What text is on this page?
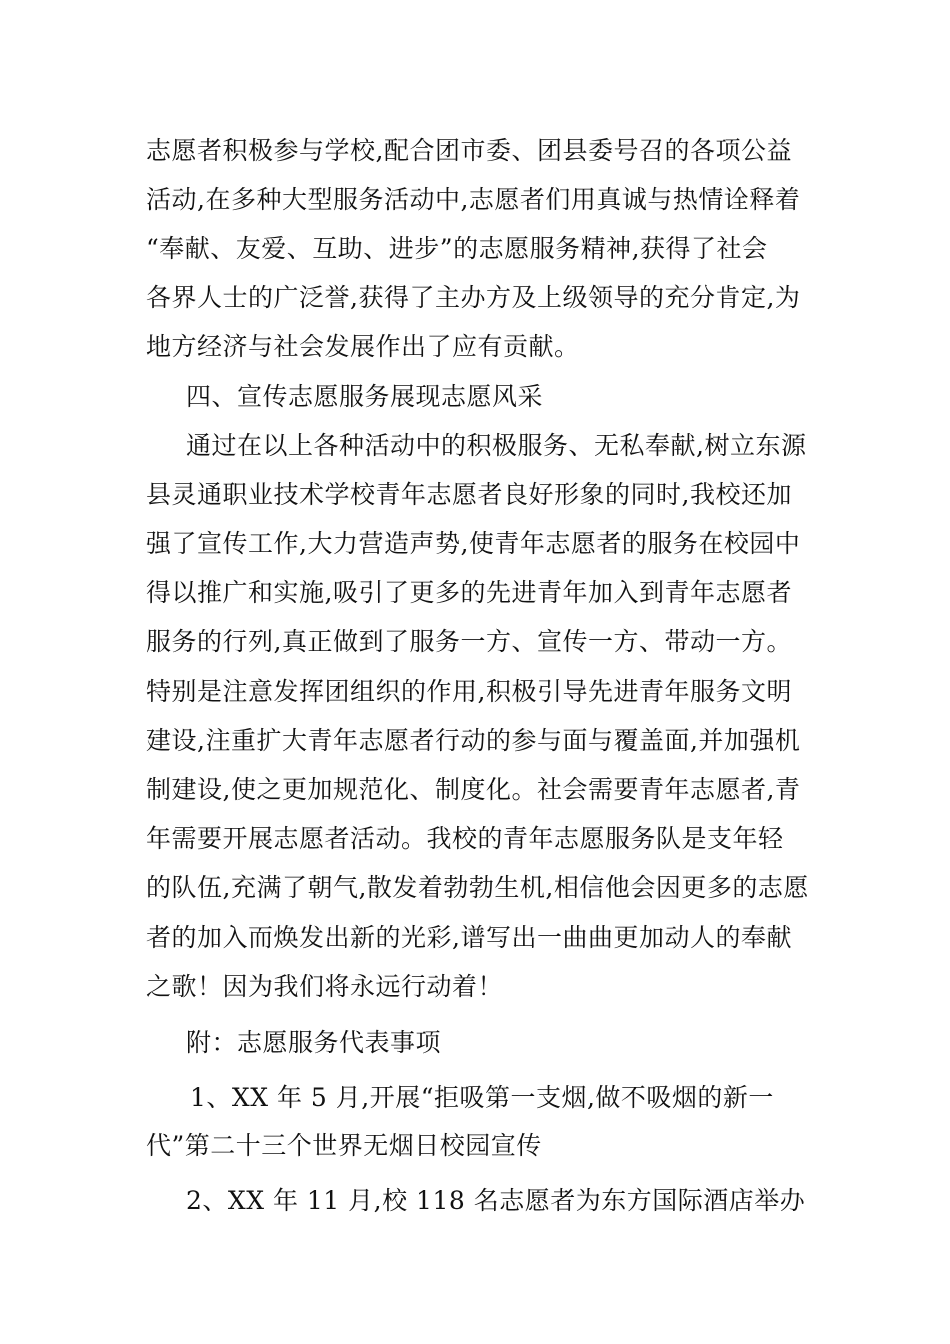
志愿者积极参与学校,配合团市委、团县委号召的各项公益
活动,在多种大型服务活动中,志愿者们用真诚与热情诠释着
“奉献、友爱、互助、进步”的志愿服务精神,获得了社会
各界人士的广泛誉,获得了主办方及上级领导的充分肯定,为
地方经济与社会发展作出了应有贡献。
四、宣传志愿服务展现志愿风采
通过在以上各种活动中的积极服务、无私奉献,树立东源
县灵通职业技术学校青年志愿者良好形象的同时,我校还加
强了宣传工作,大力营造声势,使青年志愿者的服务在校园中
得以推广和实施,吸引了更多的先进青年加入到青年志愿者
服务的行列,真正做到了服务一方、宣传一方、带动一方。
特别是注意发挥团组织的作用,积极引导先进青年服务文明
建设,注重扩大青年志愿者行动的参与面与覆盖面,并加强机
制建设,使之更加规范化、制度化。社会需要青年志愿者,青
年需要开展志愿者活动。我校的青年志愿服务队是支年轻
的队伍,充满了朝气,散发着勃勃生机,相信他会因更多的志愿
者的加入而焕发出新的光彩,谱写出一曲曲更加动人的奉献
之歌！因为我们将永远行动着！
附：志愿服务代表事项
1、XX 年 5 月,开展“拒吸第一支烟,做不吸烟的新一
代”第二十三个世界无烟日校园宣传
2、XX 年 11 月,校 118 名志愿者为东方国际酒店举办
